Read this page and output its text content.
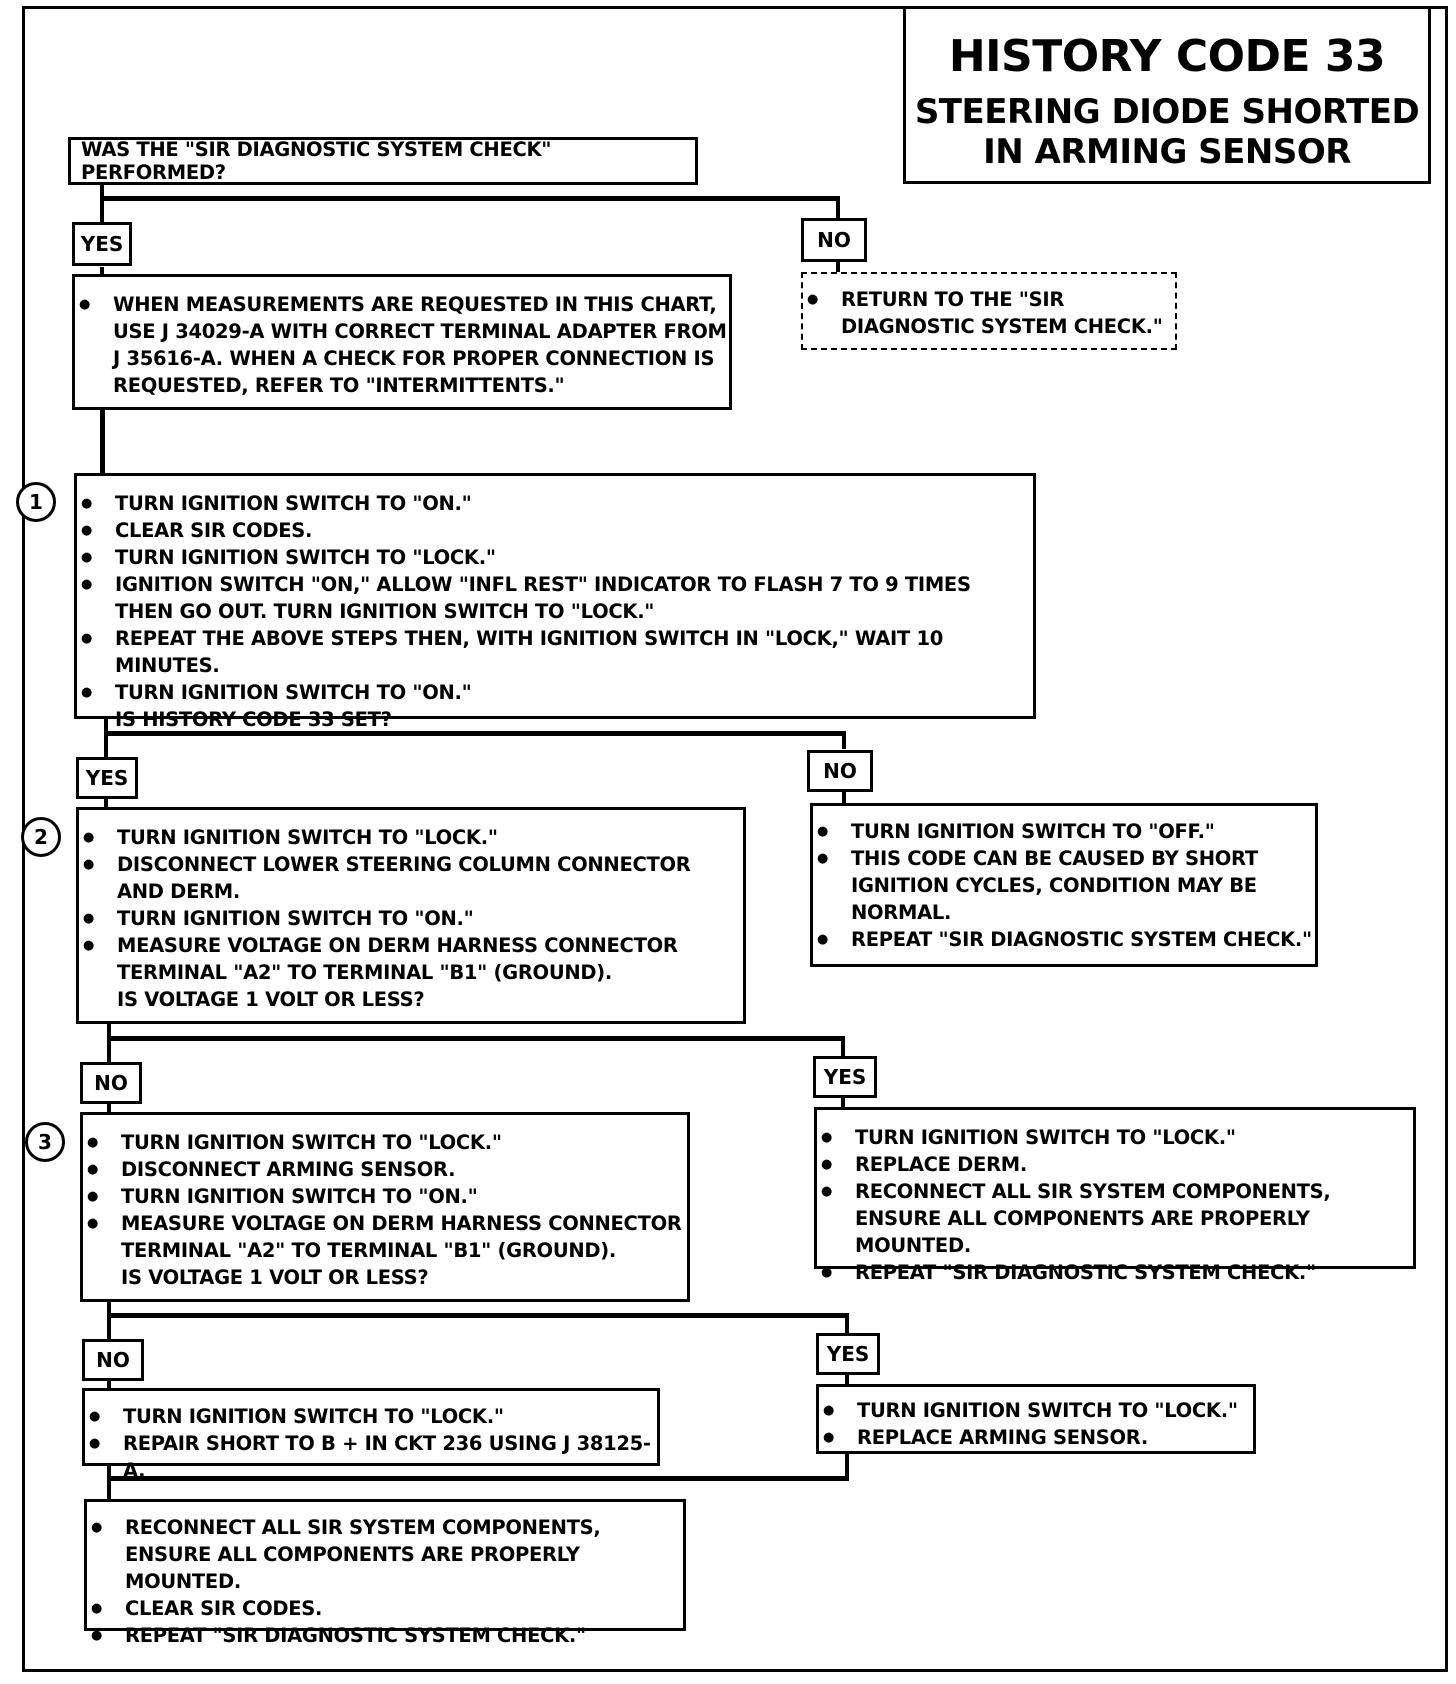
HISTORY CODE 33
STEERING DIODE SHORTED
IN ARMING SENSOR
WAS THE "SIR DIAGNOSTIC SYSTEM CHECK" PERFORMED?
YES	NO
● WHEN MEASUREMENTS ARE REQUESTED IN THIS CHART, USE J 34029-A WITH CORRECT TERMINAL ADAPTER FROM J 35616-A. WHEN A CHECK FOR PROPER CONNECTION IS REQUESTED, REFER TO "INTERMITTENTS."
● RETURN TO THE "SIR DIAGNOSTIC SYSTEM CHECK."
1	● TURN IGNITION SWITCH TO "ON."
● CLEAR SIR CODES.
● TURN IGNITION SWITCH TO "LOCK."
● IGNITION SWITCH "ON," ALLOW "INFL REST" INDICATOR TO FLASH 7 TO 9 TIMES THEN GO OUT. TURN IGNITION SWITCH TO "LOCK."
● REPEAT THE ABOVE STEPS THEN, WITH IGNITION SWITCH IN "LOCK," WAIT 10 MINUTES.
● TURN IGNITION SWITCH TO "ON."
IS HISTORY CODE 33 SET?
YES	NO
● TURN IGNITION SWITCH TO "OFF."
● THIS CODE CAN BE CAUSED BY SHORT IGNITION CYCLES, CONDITION MAY BE NORMAL.
● REPEAT "SIR DIAGNOSTIC SYSTEM CHECK."
2	● TURN IGNITION SWITCH TO "LOCK."
● DISCONNECT LOWER STEERING COLUMN CONNECTOR AND DERM.
● TURN IGNITION SWITCH TO "ON."
● MEASURE VOLTAGE ON DERM HARNESS CONNECTOR TERMINAL "A2" TO TERMINAL "B1" (GROUND).
IS VOLTAGE 1 VOLT OR LESS?
NO	YES
● TURN IGNITION SWITCH TO "LOCK."
● REPLACE DERM.
● RECONNECT ALL SIR SYSTEM COMPONENTS, ENSURE ALL COMPONENTS ARE PROPERLY MOUNTED.
● REPEAT "SIR DIAGNOSTIC SYSTEM CHECK."
3	● TURN IGNITION SWITCH TO "LOCK."
● DISCONNECT ARMING SENSOR.
● TURN IGNITION SWITCH TO "ON."
● MEASURE VOLTAGE ON DERM HARNESS CONNECTOR TERMINAL "A2" TO TERMINAL "B1" (GROUND).
IS VOLTAGE 1 VOLT OR LESS?
NO	YES
● TURN IGNITION SWITCH TO "LOCK."
● REPAIR SHORT TO B + IN CKT 236 USING J 38125-A.
● TURN IGNITION SWITCH TO "LOCK."
● REPLACE ARMING SENSOR.
● RECONNECT ALL SIR SYSTEM COMPONENTS, ENSURE ALL COMPONENTS ARE PROPERLY MOUNTED.
● CLEAR SIR CODES.
● REPEAT "SIR DIAGNOSTIC SYSTEM CHECK."
